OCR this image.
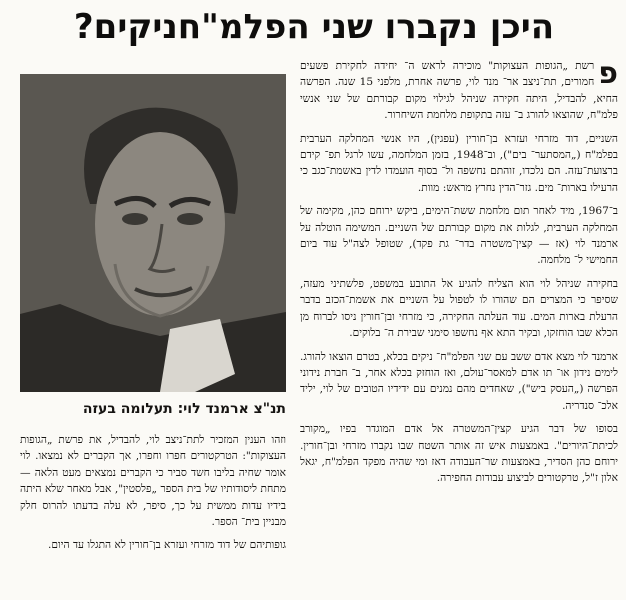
היכן נקברו שני הפלמ"חניקים?
תנ"צ ארמנד לוי: תעלומה בעזה

פ
רשת „הגופות העצוקות" מוכירה לראש ה־ יחידה לחקירת פשעים חמורים, תת־ניצב אר־ מנד לוי, פרשה אחרת, מלפני 15 שנה. הפרשה החיא, להבדיל, היתה חקירה שניהל לגילוי מקום קבורתם של שני אנשי פלמ"ח, שהוצאו להורג ב־ עזה בתקופת מלחמת השיחרור.

השניים, דוד מזרחי ועזרא בן־חורין (עפגין), היו אנשי המחלקה הערבית בפלמ"ח („המסתער־ בים"), וב־1948, בזמן המלחמה, עשו לרגל תפ־ קידם ברצועת־עזה. הם נלכדו, זוהתם נחשפה ול־ בסוף הועמדו לדין באשמת־כגב כי הרעילו בארות־ מים. גזר־הדין נחרץ מראש: מוות.

ב־1967, מיד לאחר תום מלחמת ששת־הימים, ביקש ירוחם כהן, מקימה של המחלקה הערבית, לגלות את מקום קבורתם של השניים. המשימה הוטלה על ארמנד לוי (אז — קצין־משטרה בדר־ גת פקד), שטופל לצה"ל עוד ביום החמישי ל־ מלחמה.

בחקירה שניהל לוי הוא הצליח להגיע אל התובע במשפט, פלשתיני מעזה, שסיפר כי המצרים הם שהורו לו לטפול על השניים את אשמת־הכזב בדבר הרעלת בארות המים. עוד העלתה החקירה, כי מזרחי ובן־חורין ניסו לברוח מן הכלא שבו הוחזקו, ובקיר התא אף נחשפו סימני שבירת ה־ בלוקים.

ארמנד לוי מצא אדם ששב עם שני הפלמ"ח־ ניקים בכלא, בטרם הוצאו להורג. לימים נידון או־ תו אדם למאסר־עולם, ואז הוחזק בכלא אחר, ב־ חברת נידוני הפרשה („העסק ביש"), שאחדים מהם נמנים עם ידידיו הטובים של לוי, יליד אלכ־ סנדריה.

בסופו של דבר הגיע קצין־המשטרה אל אדם המוגדר בפיו „מקורב לכיתת־היורים". באמצעות איש זה אותר השטח שבו נקברו מזרחי ובן־חורין. ירוחם כהן הסדיר, באמצעות שר־העבודה דאז ומי שהיה מפקד הפלמ"ח, יגאל אלון ז"ל, טרקטורים לביצוע עבודות החפירה.

וזהו הענין המזכיר לתת־ניצב לוי, להבדיל, את פרשת „הגופות העצוקות": הטרקטורים חפרו וחפרו, אך הקברים לא נמצאו. לוי אומר שחיה בליבו חשד סביר כי הקברים נמצאים מעט הלאה — מתחת ליסודותיו של בית הספר „פלסטין", אבל מאחר שלא היתה בידיו עדות ממשית על כך, סיפר, לא עלה בדעתו להרוס חלק מבניין בית־ הספר.

גופותיהם של דוד מזרחי ועזרא בן־חורין לא התגלו עד היום.
